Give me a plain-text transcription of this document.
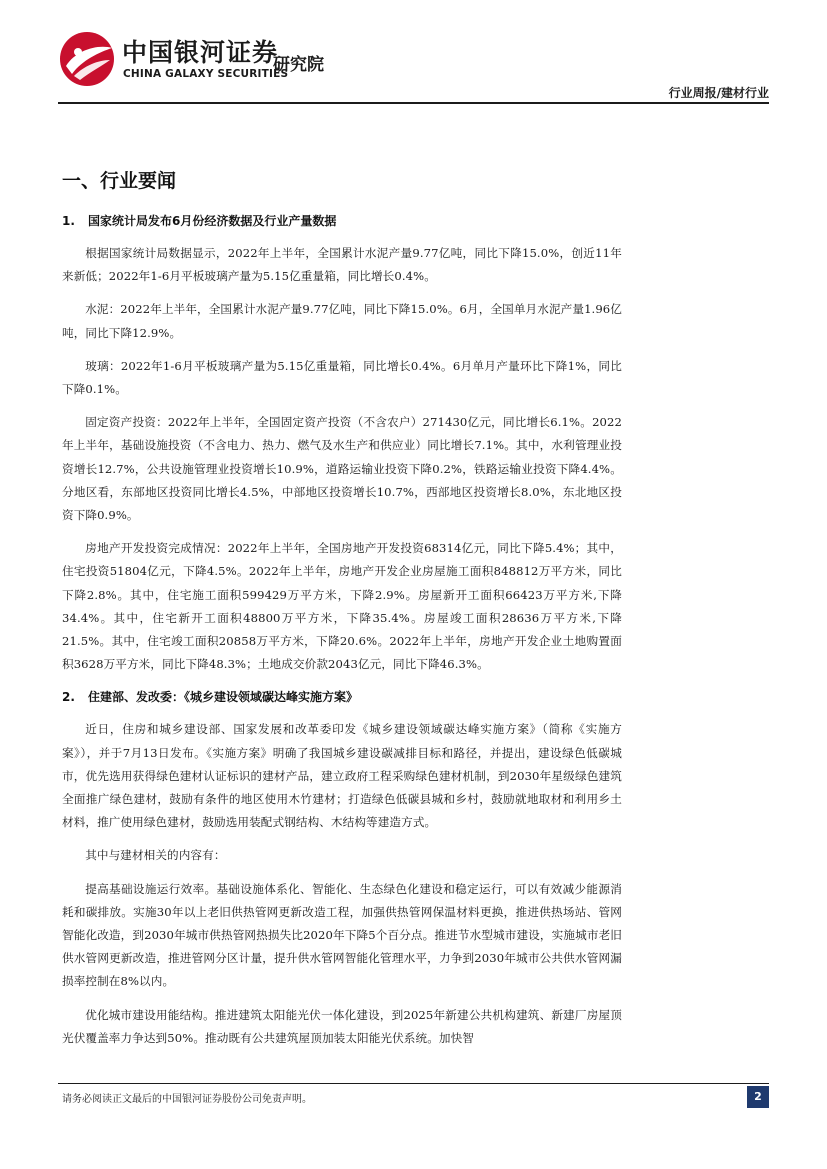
中国银河证券
CHINA GALAXY SECURITIES
研究院
行业周报/建材行业
一、行业要闻
1.	国家统计局发布6月份经济数据及行业产量数据

根据国家统计局数据显示，2022年上半年，全国累计水泥产量9.77亿吨，同比下降15.0%，创近11年来新低；2022年1-6月平板玻璃产量为5.15亿重量箱，同比增长0.4%。

水泥：2022年上半年，全国累计水泥产量9.77亿吨，同比下降15.0%。6月，全国单月水泥产量1.96亿吨，同比下降12.9%。

玻璃：2022年1-6月平板玻璃产量为5.15亿重量箱，同比增长0.4%。6月单月产量环比下降1%，同比下降0.1%。

固定资产投资：2022年上半年，全国固定资产投资（不含农户）271430亿元，同比增长6.1%。2022年上半年，基础设施投资（不含电力、热力、燃气及水生产和供应业）同比增长7.1%。其中，水利管理业投资增长12.7%，公共设施管理业投资增长10.9%，道路运输业投资下降0.2%，铁路运输业投资下降4.4%。分地区看，东部地区投资同比增长4.5%，中部地区投资增长10.7%，西部地区投资增长8.0%，东北地区投资下降0.9%。

房地产开发投资完成情况：2022年上半年，全国房地产开发投资68314亿元，同比下降5.4%；其中，住宅投资51804亿元，下降4.5%。2022年上半年，房地产开发企业房屋施工面积848812万平方米，同比下降2.8%。其中，住宅施工面积599429万平方米，下降2.9%。房屋新开工面积66423万平方米,下降34.4%。其中，住宅新开工面积48800万平方米，下降35.4%。房屋竣工面积28636万平方米,下降21.5%。其中，住宅竣工面积20858万平方米，下降20.6%。2022年上半年，房地产开发企业土地购置面积3628万平方米，同比下降48.3%；土地成交价款2043亿元，同比下降46.3%。

2.	住建部、发改委：《城乡建设领域碳达峰实施方案》

近日，住房和城乡建设部、国家发展和改革委印发《城乡建设领域碳达峰实施方案》（简称《实施方案》），并于7月13日发布。《实施方案》明确了我国城乡建设碳减排目标和路径，并提出，建设绿色低碳城市，优先选用获得绿色建材认证标识的建材产品，建立政府工程采购绿色建材机制，到2030年星级绿色建筑全面推广绿色建材，鼓励有条件的地区使用木竹建材；打造绿色低碳县城和乡村，鼓励就地取材和利用乡土材料，推广使用绿色建材，鼓励选用装配式钢结构、木结构等建造方式。

其中与建材相关的内容有：

提高基础设施运行效率。基础设施体系化、智能化、生态绿色化建设和稳定运行，可以有效减少能源消耗和碳排放。实施30年以上老旧供热管网更新改造工程，加强供热管网保温材料更换，推进供热场站、管网智能化改造，到2030年城市供热管网热损失比2020年下降5个百分点。推进节水型城市建设，实施城市老旧供水管网更新改造，推进管网分区计量，提升供水管网智能化管理水平，力争到2030年城市公共供水管网漏损率控制在8%以内。

优化城市建设用能结构。推进建筑太阳能光伏一体化建设，到2025年新建公共机构建筑、新建厂房屋顶光伏覆盖率力争达到50%。推动既有公共建筑屋顶加装太阳能光伏系统。加快智

请务必阅读正文最后的中国银河证券股份公司免责声明。	2
